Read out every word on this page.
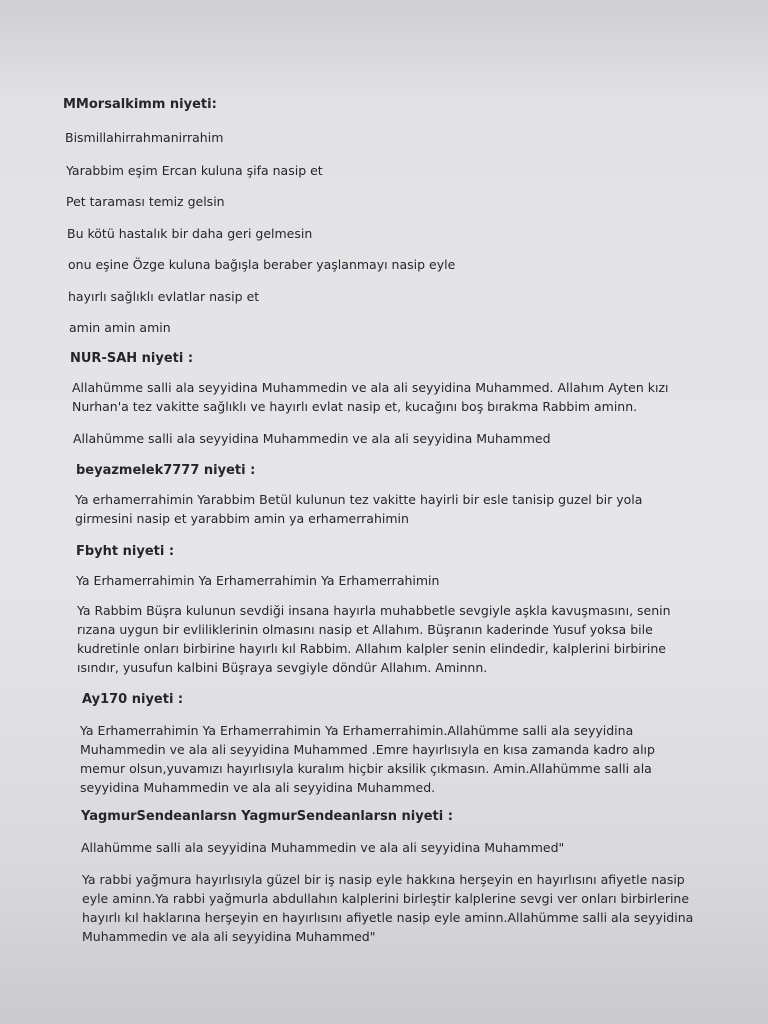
MMorsalkimm niyeti:
Bismillahirrahmanirrahim
Yarabbim eşim Ercan kuluna şifa nasip et
Pet taraması temiz gelsin
Bu kötü hastalık bir daha geri gelmesin
onu eşine Özge kuluna bağışla beraber yaşlanmayı nasip eyle
hayırlı sağlıklı evlatlar nasip et
amin amin amin
NUR-SAH niyeti :
Allahümme salli ala seyyidina Muhammedin ve ala ali seyyidina Muhammed. Allahım Ayten kızı Nurhan'a tez vakitte sağlıklı ve hayırlı evlat nasip et, kucağını boş bırakma Rabbim aminn.
Allahümme salli ala seyyidina Muhammedin ve ala ali seyyidina Muhammed
beyazmelek7777 niyeti :
Ya erhamerrahimin Yarabbim Betül kulunun tez vakitte hayirli bir esle tanisip guzel bir yola girmesini nasip et yarabbim amin ya erhamerrahimin
Fbyht niyeti :
Ya Erhamerrahimin Ya Erhamerrahimin Ya Erhamerrahimin
Ya Rabbim Büşra kulunun sevdiği insana hayırla muhabbetle sevgiyle aşkla kavuşmasını, senin rızana uygun bir evliliklerinin olmasını nasip et Allahım. Büşranın kaderinde Yusuf yoksa bile kudretinle onları birbirine hayırlı kıl Rabbim. Allahım kalpler senin elindedir, kalplerini birbirine ısındır, yusufun kalbini Büşraya sevgiyle döndür Allahım. Aminnn.
Ay170 niyeti :
Ya Erhamerrahimin Ya Erhamerrahimin Ya Erhamerrahimin.Allahümme salli ala seyyidina Muhammedin ve ala ali seyyidina Muhammed .Emre hayırlısıyla en kısa zamanda kadro alıp memur olsun,yuvamızı hayırlısıyla kuralım hiçbir aksilik çıkmasın. Amin.Allahümme salli ala seyyidina Muhammedin ve ala ali seyyidina Muhammed.
YagmurSendeanlarsn YagmurSendeanlarsn niyeti :
Allahümme salli ala seyyidina Muhammedin ve ala ali seyyidina Muhammed"
Ya rabbi yağmura hayırlısıyla güzel bir iş nasip eyle hakkına herşeyin en hayırlısını afiyetle nasip eyle aminn.Ya rabbi yağmurla abdullahın kalplerini birleştir kalplerine sevgi ver onları birbirlerine hayırlı kıl haklarına herşeyin en hayırlısını afiyetle nasip eyle aminn.Allahümme salli ala seyyidina Muhammedin ve ala ali seyyidina Muhammed"
